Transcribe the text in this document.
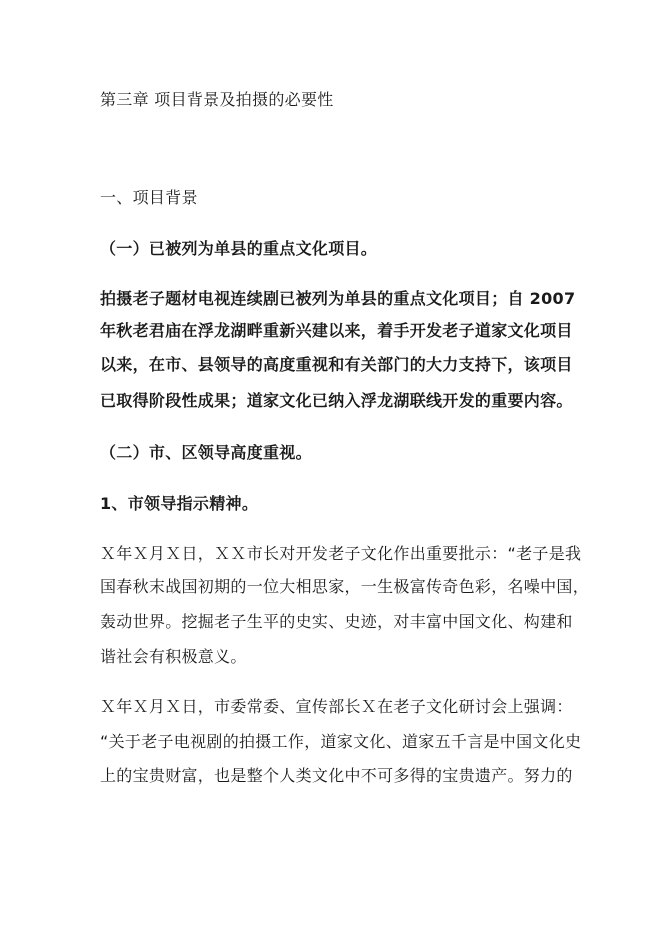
第三章 项目背景及拍摄的必要性
一、项目背景
（一）已被列为单县的重点文化项目。
拍摄老子题材电视连续剧已被列为单县的重点文化项目；自 2007
年秋老君庙在浮龙湖畔重新兴建以来，着手开发老子道家文化项目
以来，在市、县领导的高度重视和有关部门的大力支持下，该项目
已取得阶段性成果；道家文化已纳入浮龙湖联线开发的重要内容。
（二）市、区领导高度重视。
1、市领导指示精神。
Ｘ年Ｘ月Ｘ日，ＸＸ市长对开发老子文化作出重要批示：“老子是我
国春秋末战国初期的一位大相思家，一生极富传奇色彩，名噪中国，
轰动世界。挖掘老子生平的史实、史迹，对丰富中国文化、构建和
谐社会有积极意义。
Ｘ年Ｘ月Ｘ日，市委常委、宣传部长Ｘ在老子文化研讨会上强调：
“关于老子电视剧的拍摄工作，道家文化、道家五千言是中国文化史
上的宝贵财富，也是整个人类文化中不可多得的宝贵遗产。努力的
